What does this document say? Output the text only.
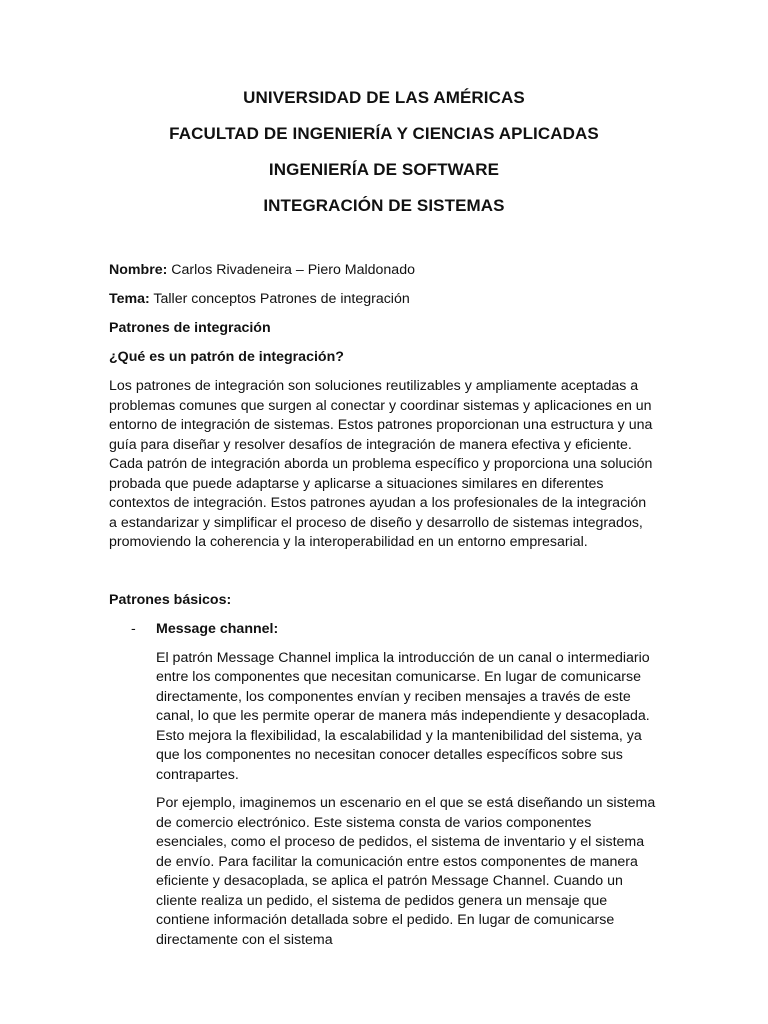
UNIVERSIDAD DE LAS AMÉRICAS
FACULTAD DE INGENIERÍA Y CIENCIAS APLICADAS
INGENIERÍA DE SOFTWARE
INTEGRACIÓN DE SISTEMAS

Nombre: Carlos Rivadeneira – Piero Maldonado

Tema: Taller conceptos Patrones de integración

Patrones de integración

¿Qué es un patrón de integración?

Los patrones de integración son soluciones reutilizables y ampliamente aceptadas a problemas comunes que surgen al conectar y coordinar sistemas y aplicaciones en un entorno de integración de sistemas. Estos patrones proporcionan una estructura y una guía para diseñar y resolver desafíos de integración de manera efectiva y eficiente. Cada patrón de integración aborda un problema específico y proporciona una solución probada que puede adaptarse y aplicarse a situaciones similares en diferentes contextos de integración. Estos patrones ayudan a los profesionales de la integración a estandarizar y simplificar el proceso de diseño y desarrollo de sistemas integrados, promoviendo la coherencia y la interoperabilidad en un entorno empresarial.

Patrones básicos:

- Message channel:

El patrón Message Channel implica la introducción de un canal o intermediario entre los componentes que necesitan comunicarse. En lugar de comunicarse directamente, los componentes envían y reciben mensajes a través de este canal, lo que les permite operar de manera más independiente y desacoplada. Esto mejora la flexibilidad, la escalabilidad y la mantenibilidad del sistema, ya que los componentes no necesitan conocer detalles específicos sobre sus contrapartes.

Por ejemplo, imaginemos un escenario en el que se está diseñando un sistema de comercio electrónico. Este sistema consta de varios componentes esenciales, como el proceso de pedidos, el sistema de inventario y el sistema de envío. Para facilitar la comunicación entre estos componentes de manera eficiente y desacoplada, se aplica el patrón Message Channel. Cuando un cliente realiza un pedido, el sistema de pedidos genera un mensaje que contiene información detallada sobre el pedido. En lugar de comunicarse directamente con el sistema
